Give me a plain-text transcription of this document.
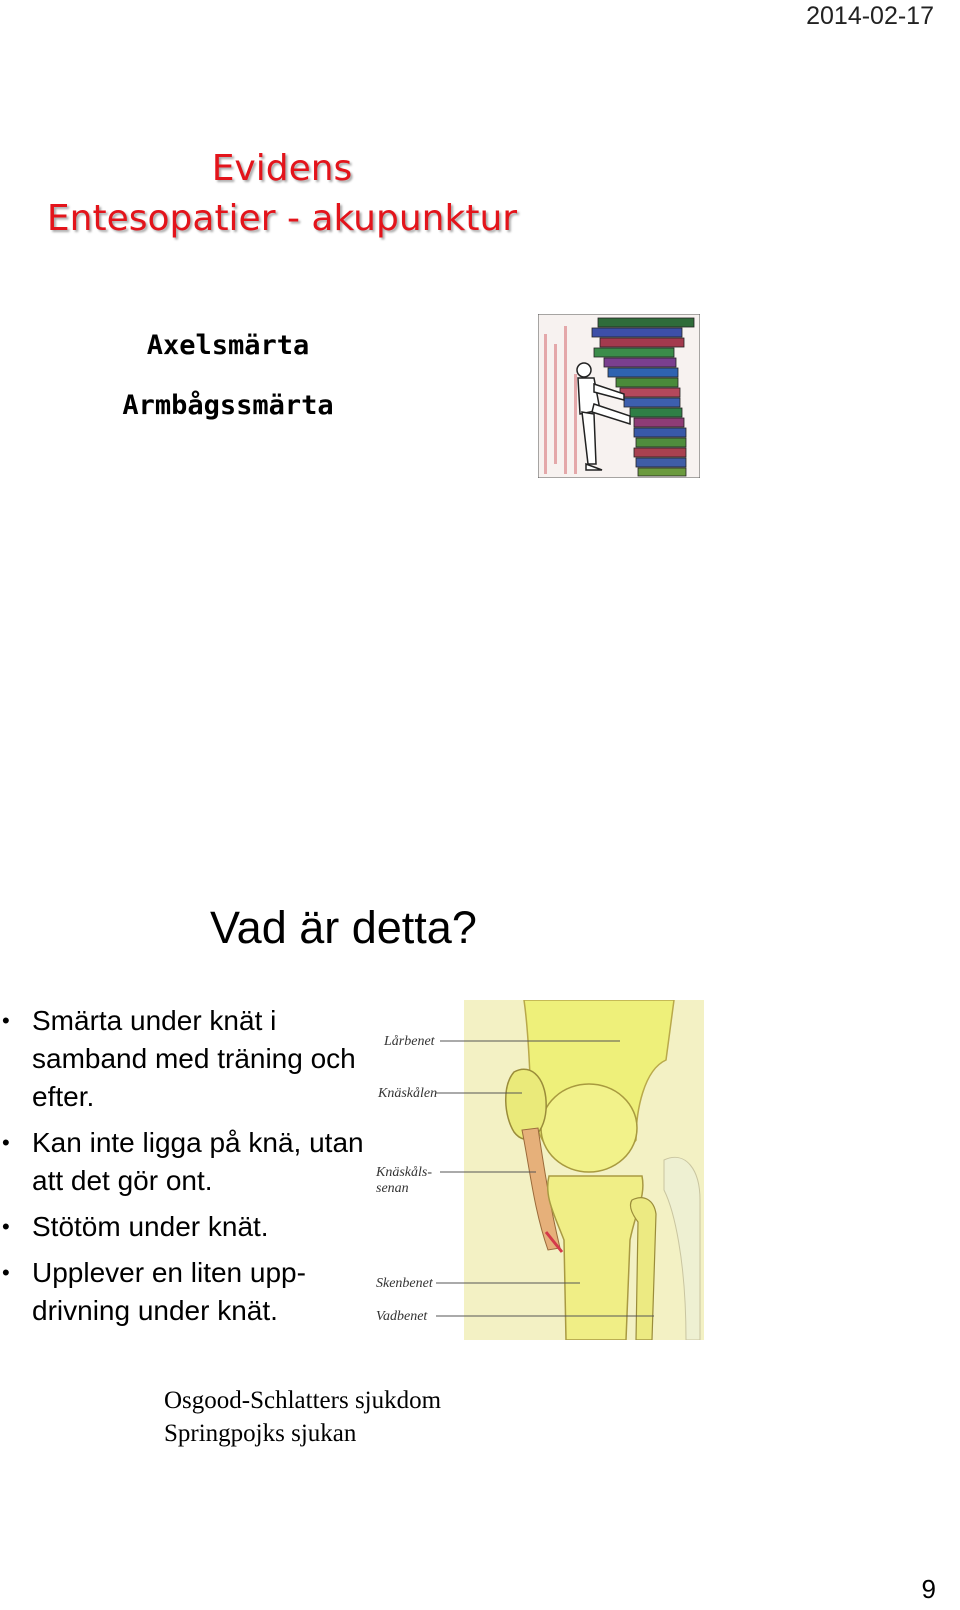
2014-02-17
Evidens
Entesopatier - akupunktur
Axelsmärta
Armbågssmärta
Vad är detta?
• Smärta under knät i samband med träning och efter.
• Kan inte ligga på knä, utan att det gör ont.
• Stötöm under knät.
• Upplever en liten upp-drivning under knät.
Lårbenet
Knäskålen
Knäskåls-
senan
Skenbenet
Vadbenet
Osgood-Schlatters sjukdom
Springpojks sjukan
9
